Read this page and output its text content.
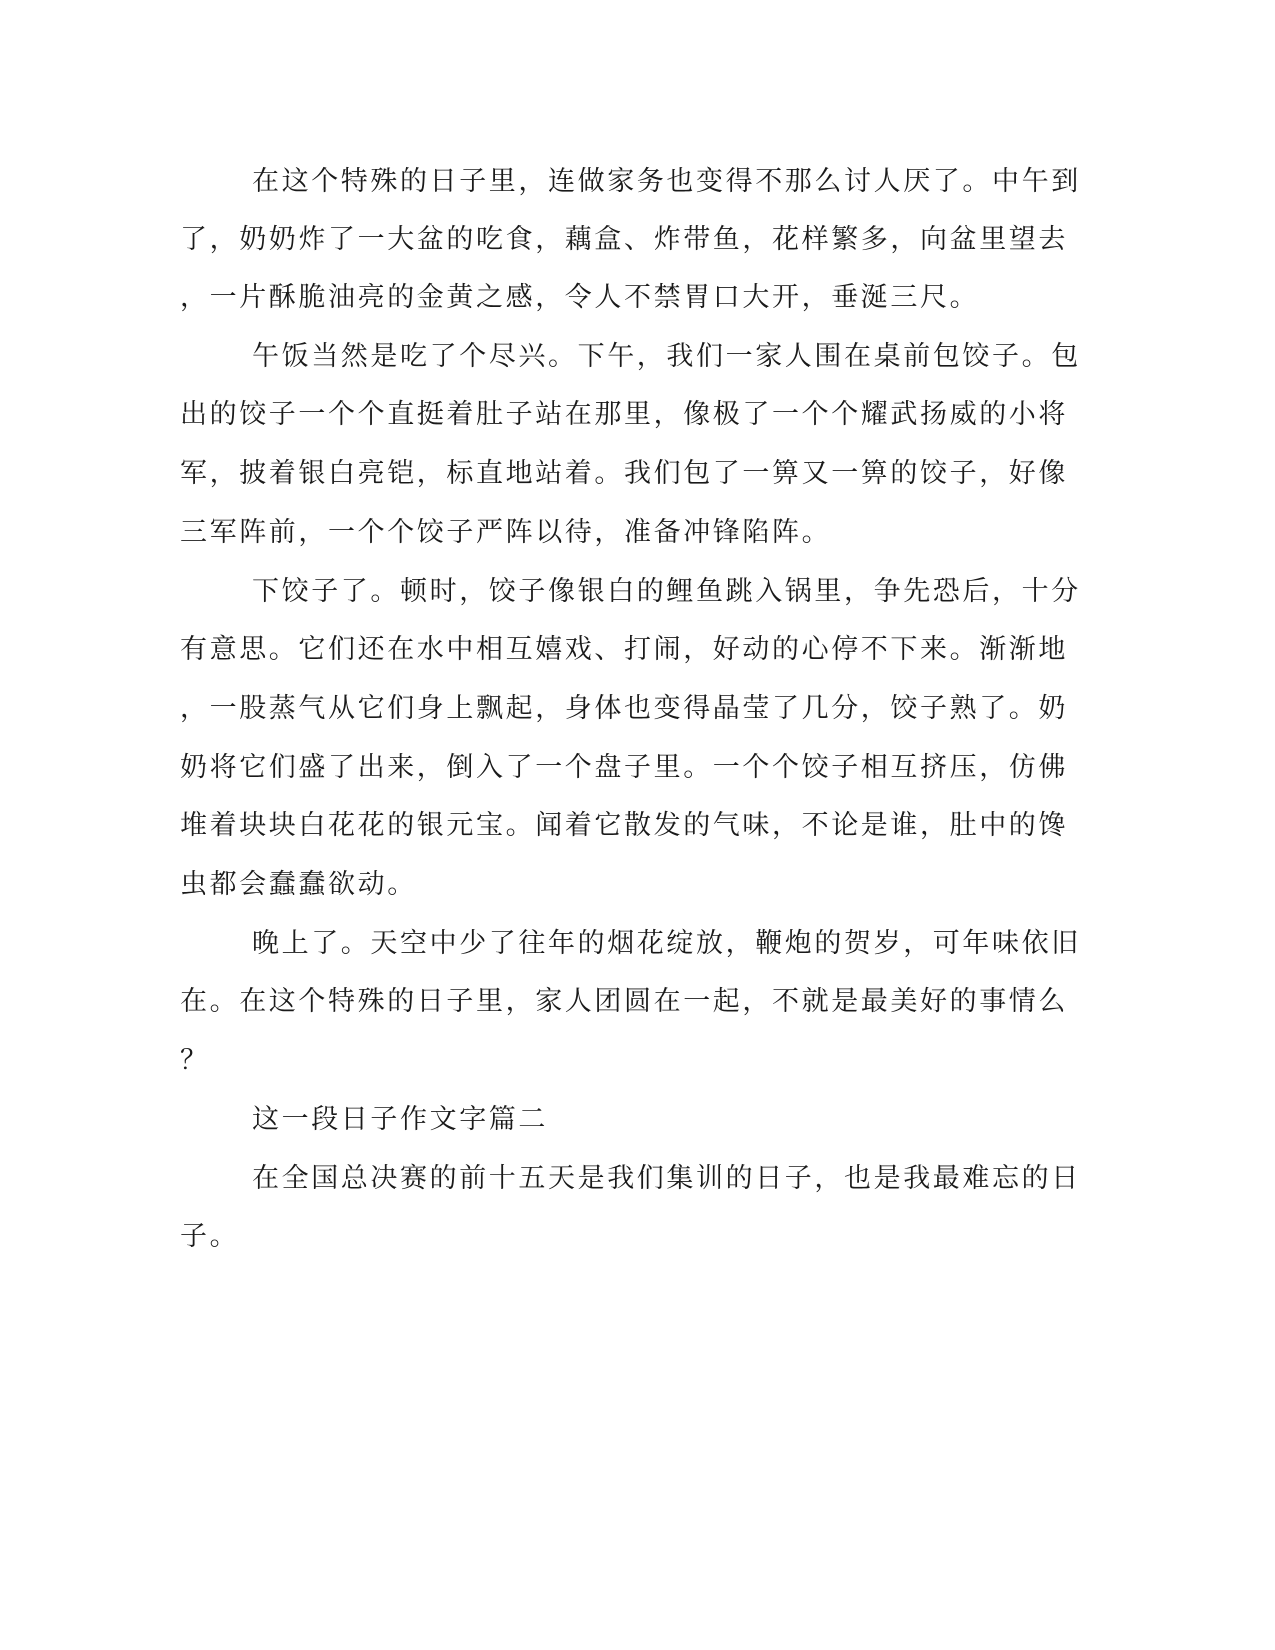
在这个特殊的日子里，连做家务也变得不那么讨人厌了。中午到
了，奶奶炸了一大盆的吃食，藕盒、炸带鱼，花样繁多，向盆里望去
，一片酥脆油亮的金黄之感，令人不禁胃口大开，垂涎三尺。
午饭当然是吃了个尽兴。下午，我们一家人围在桌前包饺子。包
出的饺子一个个直挺着肚子站在那里，像极了一个个耀武扬威的小将
军，披着银白亮铠，标直地站着。我们包了一箅又一箅的饺子，好像
三军阵前，一个个饺子严阵以待，准备冲锋陷阵。
下饺子了。顿时，饺子像银白的鲤鱼跳入锅里，争先恐后，十分
有意思。它们还在水中相互嬉戏、打闹，好动的心停不下来。渐渐地
，一股蒸气从它们身上飘起，身体也变得晶莹了几分，饺子熟了。奶
奶将它们盛了出来，倒入了一个盘子里。一个个饺子相互挤压，仿佛
堆着块块白花花的银元宝。闻着它散发的气味，不论是谁，肚中的馋
虫都会蠢蠢欲动。
晚上了。天空中少了往年的烟花绽放，鞭炮的贺岁，可年味依旧
在。在这个特殊的日子里，家人团圆在一起，不就是最美好的事情么
？
这一段日子作文字篇二
在全国总决赛的前十五天是我们集训的日子，也是我最难忘的日
子。
